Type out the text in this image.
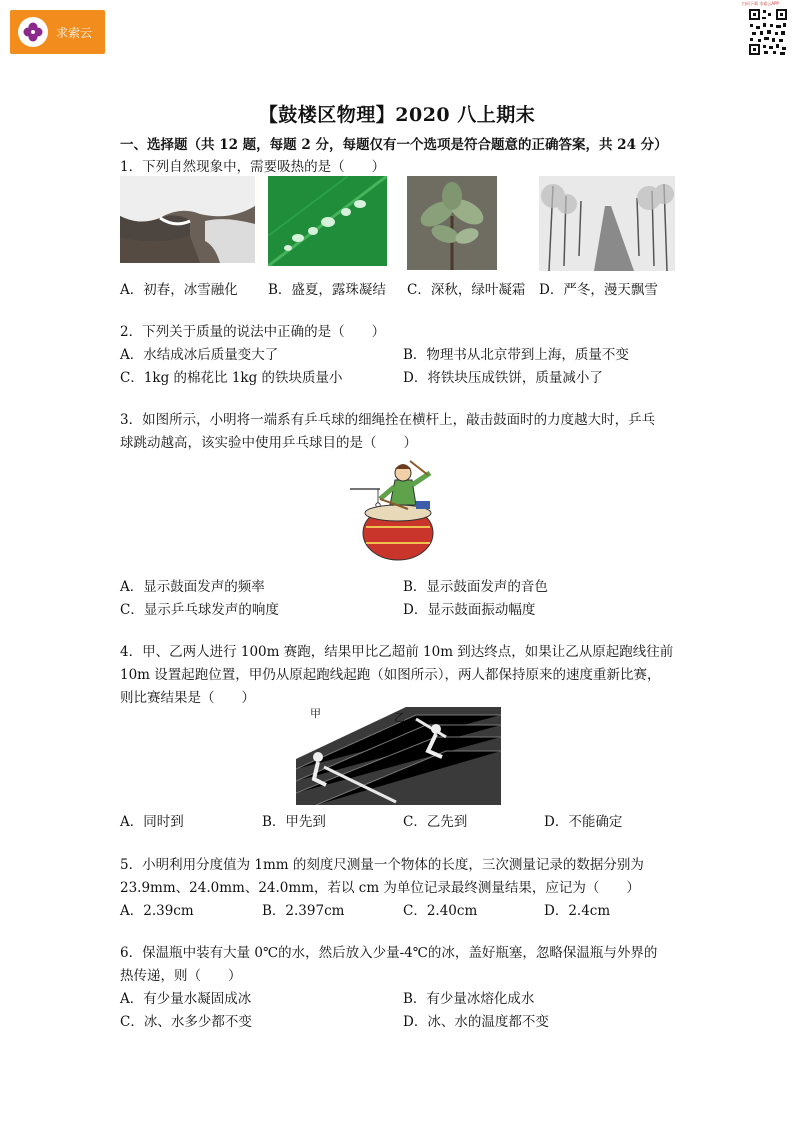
求索云
扫码下载 求索云APP
【鼓楼区物理】2020 八上期末
一、选择题（共 12 题，每题 2 分，每题仅有一个选项是符合题意的正确答案，共 24 分）
1．下列自然现象中，需要吸热的是（　　）
A．初春，冰雪融化 B．盛夏，露珠凝结 C．深秋，绿叶凝霜 D．严冬，漫天飘雪
2．下列关于质量的说法中正确的是（　　）
A．水结成冰后质量变大了	B．物理书从北京带到上海，质量不变
C．1kg 的棉花比 1kg 的铁块质量小	D．将铁块压成铁饼，质量减小了
3．如图所示，小明将一端系有乒乓球的细绳拴在横杆上，敲击鼓面时的力度越大时，乒乓
球跳动越高，该实验中使用乒乓球目的是（　　）
A．显示鼓面发声的频率	B．显示鼓面发声的音色
C．显示乒乓球发声的响度	D．显示鼓面振动幅度
4．甲、乙两人进行 100m 赛跑，结果甲比乙超前 10m 到达终点，如果让乙从原起跑线往前
10m 设置起跑位置，甲仍从原起跑线起跑（如图所示），两人都保持原来的速度重新比赛，
则比赛结果是（　　）
甲	乙
A．同时到	B．甲先到	C．乙先到	D．不能确定
5．小明利用分度值为 1mm 的刻度尺测量一个物体的长度，三次测量记录的数据分别为
23.9mm、24.0mm、24.0mm，若以 cm 为单位记录最终测量结果，应记为（　　）
A．2.39cm	B．2.397cm	C．2.40cm	D．2.4cm
6．保温瓶中装有大量 0℃的水，然后放入少量-4℃的冰，盖好瓶塞，忽略保温瓶与外界的
热传递，则（　　）
A．有少量水凝固成冰	B．有少量冰熔化成水
C．冰、水多少都不变	D．冰、水的温度都不变
